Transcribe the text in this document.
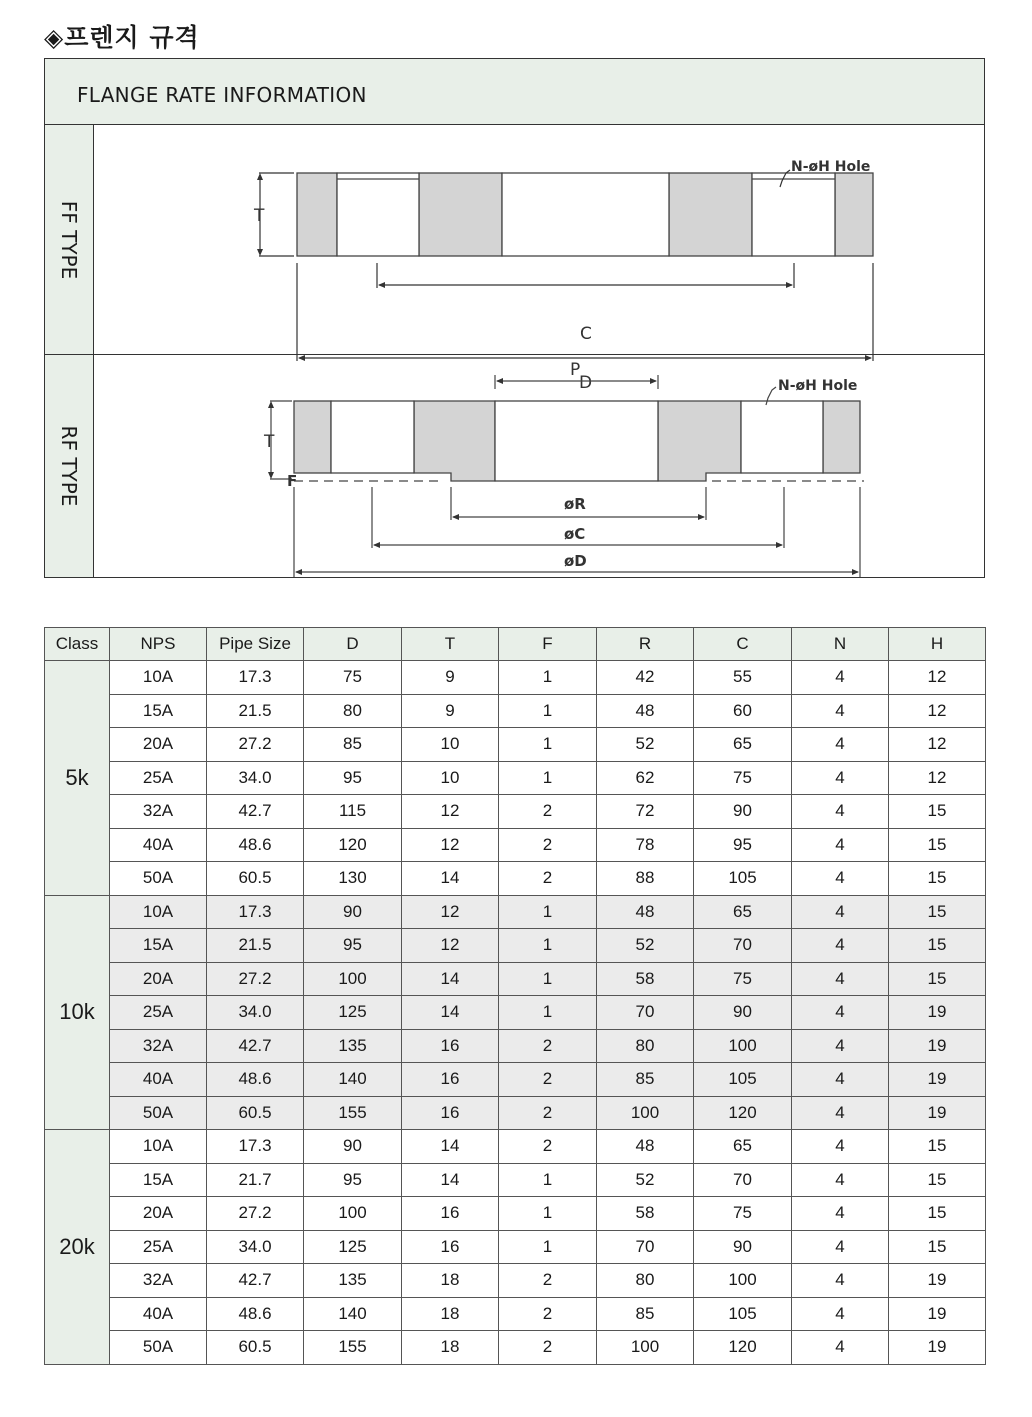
◈프렌지 규격
FLANGE RATE INFORMATION
FF TYPE	T
C
D
N-øH Hole
RF TYPE
P
T
F
øR
øC
øD
N-øH Hole
Class	NPS	Pipe Size	D	T	F	R	C	N	H
5k	10A	17.3	75	9	1	42	55	4	12
	15A	21.5	80	9	1	48	60	4	12
	20A	27.2	85	10	1	52	65	4	12
	25A	34.0	95	10	1	62	75	4	12
	32A	42.7	115	12	2	72	90	4	15
	40A	48.6	120	12	2	78	95	4	15
	50A	60.5	130	14	2	88	105	4	15
10k	10A	17.3	90	12	1	48	65	4	15
	15A	21.5	95	12	1	52	70	4	15
	20A	27.2	100	14	1	58	75	4	15
	25A	34.0	125	14	1	70	90	4	19
	32A	42.7	135	16	2	80	100	4	19
	40A	48.6	140	16	2	85	105	4	19
	50A	60.5	155	16	2	100	120	4	19
20k	10A	17.3	90	14	2	48	65	4	15
	15A	21.7	95	14	1	52	70	4	15
	20A	27.2	100	16	1	58	75	4	15
	25A	34.0	125	16	1	70	90	4	15
	32A	42.7	135	18	2	80	100	4	19
	40A	48.6	140	18	2	85	105	4	19
	50A	60.5	155	18	2	100	120	4	19
